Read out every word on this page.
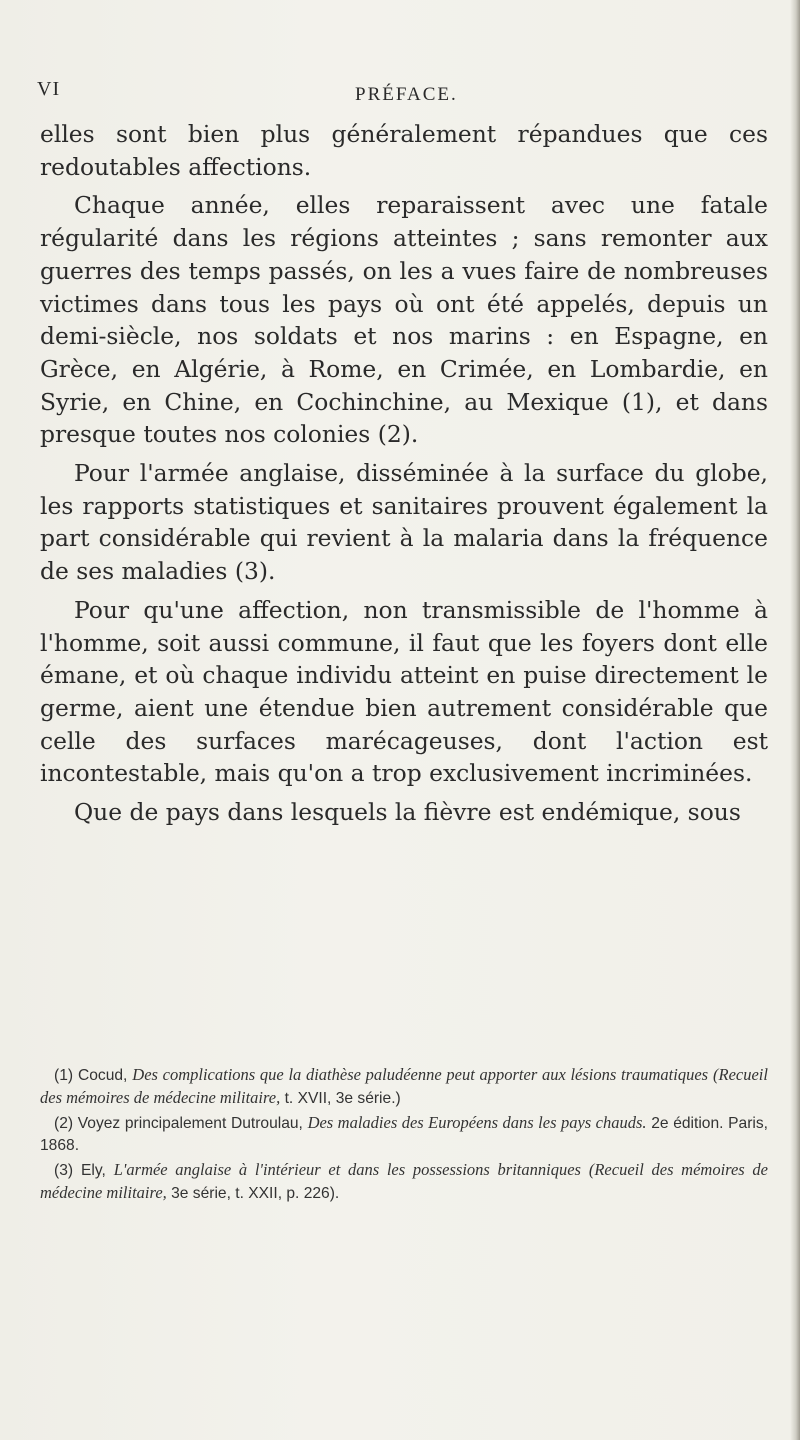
VI	PRÉFACE.

elles sont bien plus généralement répandues que ces redoutables affections.

Chaque année, elles reparaissent avec une fatale régularité dans les régions atteintes ; sans remonter aux guerres des temps passés, on les a vues faire de nombreuses victimes dans tous les pays où ont été appelés, depuis un demi-siècle, nos soldats et nos marins : en Espagne, en Grèce, en Algérie, à Rome, en Crimée, en Lombardie, en Syrie, en Chine, en Cochinchine, au Mexique (1), et dans presque toutes nos colonies (2).

Pour l'armée anglaise, disséminée à la surface du globe, les rapports statistiques et sanitaires prouvent également la part considérable qui revient à la malaria dans la fréquence de ses maladies (3).

Pour qu'une affection, non transmissible de l'homme à l'homme, soit aussi commune, il faut que les foyers dont elle émane, et où chaque individu atteint en puise directement le germe, aient une étendue bien autrement considérable que celle des surfaces marécageuses, dont l'action est incontestable, mais qu'on a trop exclusivement incriminées.

Que de pays dans lesquels la fièvre est endémique, sous

(1) Cocud, Des complications que la diathèse paludéenne peut apporter aux lésions traumatiques (Recueil des mémoires de médecine militaire, t. XVII, 3e série.)

(2) Voyez principalement Dutroulau, Des maladies des Européens dans les pays chauds. 2e édition. Paris, 1868.

(3) Ely, L'armée anglaise à l'intérieur et dans les possessions britanniques (Recueil des mémoires de médecine militaire, 3e série, t. XXII, p. 226).
